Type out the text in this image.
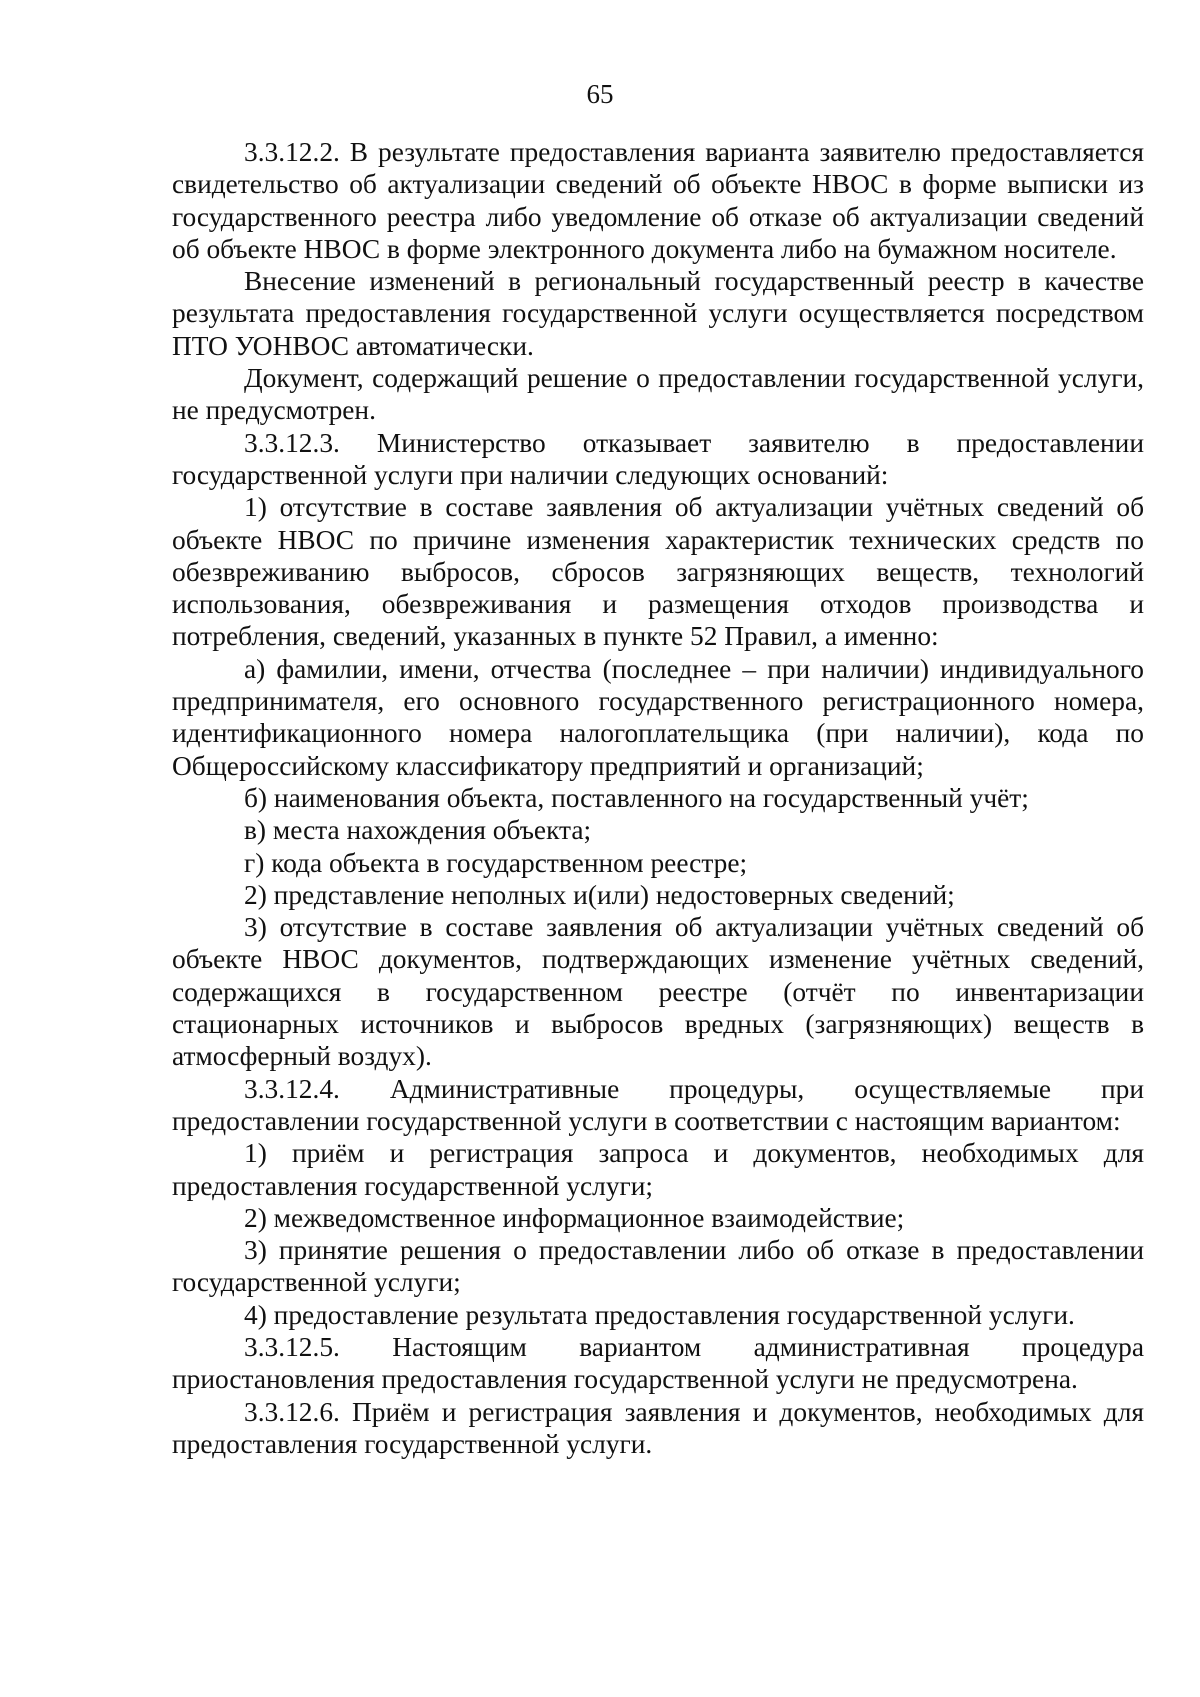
65

3.3.12.2. В результате предоставления варианта заявителю предоставляется свидетельство об актуализации сведений об объекте НВОС в форме выписки из государственного реестра либо уведомление об отказе об актуализации сведений об объекте НВОС в форме электронного документа либо на бумажном носителе.

Внесение изменений в региональный государственный реестр в качестве результата предоставления государственной услуги осуществляется посредством ПТО УОНВОС автоматически.

Документ, содержащий решение о предоставлении государственной услуги, не предусмотрен.

3.3.12.3. Министерство отказывает заявителю в предоставлении государственной услуги при наличии следующих оснований:

1) отсутствие в составе заявления об актуализации учётных сведений об объекте НВОС по причине изменения характеристик технических средств по обезвреживанию выбросов, сбросов загрязняющих веществ, технологий использования, обезвреживания и размещения отходов производства и потребления, сведений, указанных в пункте 52 Правил, а именно:

а) фамилии, имени, отчества (последнее – при наличии) индивидуального предпринимателя, его основного государственного регистрационного номера, идентификационного номера налогоплательщика (при наличии), кода по Общероссийскому классификатору предприятий и организаций;

б) наименования объекта, поставленного на государственный учёт;

в) места нахождения объекта;

г) кода объекта в государственном реестре;

2) представление неполных и(или) недостоверных сведений;

3) отсутствие в составе заявления об актуализации учётных сведений об объекте НВОС документов, подтверждающих изменение учётных сведений, содержащихся в государственном реестре (отчёт по инвентаризации стационарных источников и выбросов вредных (загрязняющих) веществ в атмосферный воздух).

3.3.12.4. Административные процедуры, осуществляемые при предоставлении государственной услуги в соответствии с настоящим вариантом:

1) приём и регистрация запроса и документов, необходимых для предоставления государственной услуги;

2) межведомственное информационное взаимодействие;

3) принятие решения о предоставлении либо об отказе в предоставлении государственной услуги;

4) предоставление результата предоставления государственной услуги.

3.3.12.5. Настоящим вариантом административная процедура приостановления предоставления государственной услуги не предусмотрена.

3.3.12.6. Приём и регистрация заявления и документов, необходимых для предоставления государственной услуги.
